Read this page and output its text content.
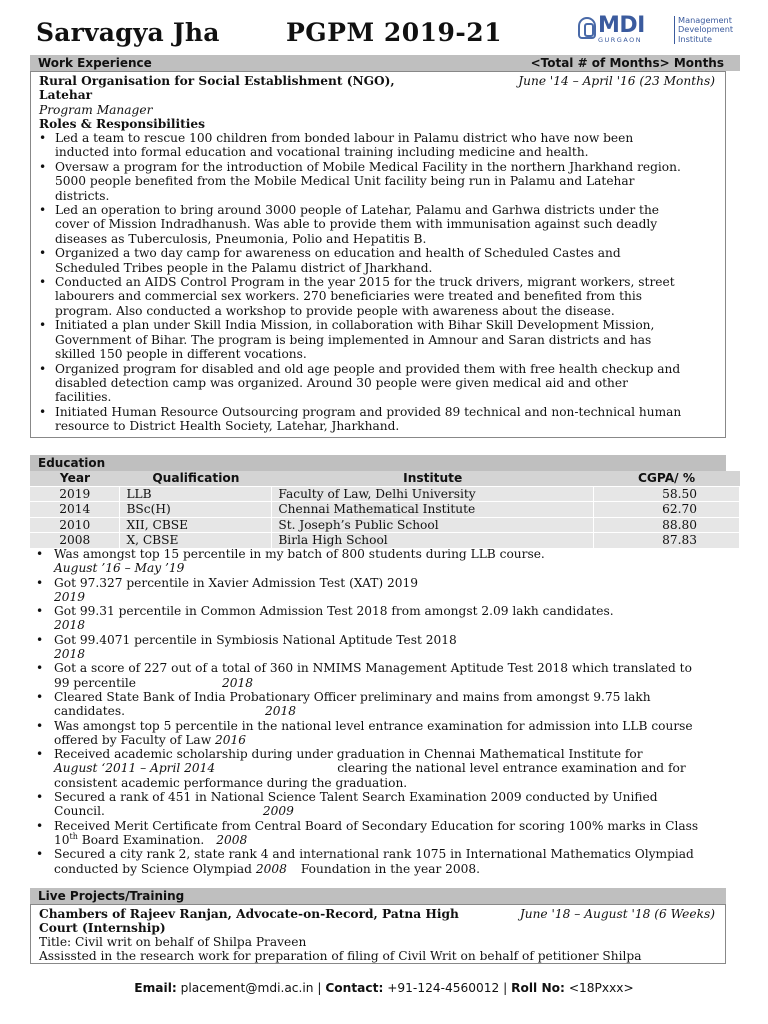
Sarvagya Jha	PGPM 2019-21	MDI
GURGAON
Management
Development
Institute
Work Experience	<Total # of Months> Months
Rural Organisation for Social Establishment (NGO),
Latehar
June '14 – April '16 (23 Months)
Program Manager
Roles & Responsibilities
• Led a team to rescue 100 children from bonded labour in Palamu district who have now been
inducted into formal education and vocational training including medicine and health.
• Oversaw a program for the introduction of Mobile Medical Facility in the northern Jharkhand region.
5000 people benefited from the Mobile Medical Unit facility being run in Palamu and Latehar
districts.
• Led an operation to bring around 3000 people of Latehar, Palamu and Garhwa districts under the
cover of Mission Indradhanush. Was able to provide them with immunisation against such deadly
diseases as Tuberculosis, Pneumonia, Polio and Hepatitis B.
• Organized a two day camp for awareness on education and health of Scheduled Castes and
Scheduled Tribes people in the Palamu district of Jharkhand.
• Conducted an AIDS Control Program in the year 2015 for the truck drivers, migrant workers, street
labourers and commercial sex workers. 270 beneficiaries were treated and benefited from this
program. Also conducted a workshop to provide people with awareness about the disease.
• Initiated a plan under Skill India Mission, in collaboration with Bihar Skill Development Mission,
Government of Bihar. The program is being implemented in Amnour and Saran districts and has
skilled 150 people in different vocations.
• Organized program for disabled and old age people and provided them with free health checkup and
disabled detection camp was organized. Around 30 people were given medical aid and other
facilities.
• Initiated Human Resource Outsourcing program and provided 89 technical and non-technical human
resource to District Health Society, Latehar, Jharkhand.
Education
Year	Qualification	Institute	CGPA/ %
2019	LLB	Faculty of Law, Delhi University	58.50
2014	BSc(H)	Chennai Mathematical Institute	62.70
2010	XII, CBSE	St. Joseph’s Public School	88.80
2008	X, CBSE	Birla High School	87.83
• Was amongst top 15 percentile in my batch of 800 students during LLB course.
August ’16 – May ’19
• Got 97.327 percentile in Xavier Admission Test (XAT) 2019
2019
• Got 99.31 percentile in Common Admission Test 2018 from amongst 2.09 lakh candidates.
2018
• Got 99.4071 percentile in Symbiosis National Aptitude Test 2018
2018
• Got a score of 227 out of a total of 360 in NMIMS Management Aptitude Test 2018 which translated to
99 percentile	2018
• Cleared State Bank of India Probationary Officer preliminary and mains from amongst 9.75 lakh
candidates.	2018
• Was amongst top 5 percentile in the national level entrance examination for admission into LLB course
offered by Faculty of Law 2016
• Received academic scholarship during under graduation in Chennai Mathematical Institute for
August ‘2011 – April 2014	clearing the national level entrance examination and for
consistent academic performance during the graduation.
• Secured a rank of 451 in National Science Talent Search Examination 2009 conducted by Unified
Council.	2009
• Received Merit Certificate from Central Board of Secondary Education for scoring 100% marks in Class
10th Board Examination. 2008
• Secured a city rank 2, state rank 4 and international rank 1075 in International Mathematics Olympiad
conducted by Science Olympiad 2008 Foundation in the year 2008.
Live Projects/Training
Chambers of Rajeev Ranjan, Advocate-on-Record, Patna High
Court (Internship)
June '18 – August '18 (6 Weeks)
Title: Civil writ on behalf of Shilpa Praveen
Assissted in the research work for preparation of filing of Civil Writ on behalf of petitioner Shilpa
Email: placement@mdi.ac.in | Contact: +91-124-4560012 | Roll No: <18Pxxx>
